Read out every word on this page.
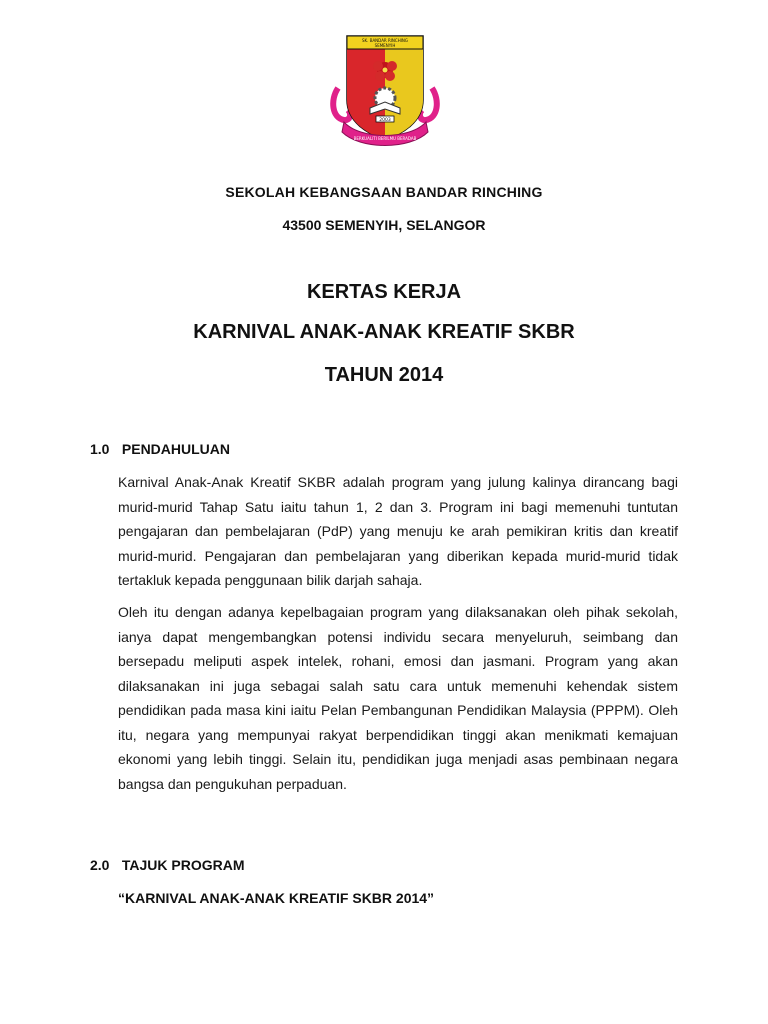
SK. BANDAR RINCHING
SEMENYIH
2003
BERKUALITI BERILMU BERADAB
SEKOLAH KEBANGSAAN BANDAR RINCHING
43500 SEMENYIH, SELANGOR
KERTAS KERJA
KARNIVAL ANAK-ANAK KREATIF SKBR
TAHUN 2014
1.0 PENDAHULUAN
Karnival Anak-Anak Kreatif SKBR adalah program yang julung kalinya dirancang bagi murid-murid Tahap Satu iaitu tahun 1, 2 dan 3. Program ini bagi memenuhi tuntutan pengajaran dan pembelajaran (PdP) yang menuju ke arah pemikiran kritis dan kreatif murid-murid. Pengajaran dan pembelajaran yang diberikan kepada murid-murid tidak tertakluk kepada penggunaan bilik darjah sahaja.
Oleh itu dengan adanya kepelbagaian program yang dilaksanakan oleh pihak sekolah, ianya dapat mengembangkan potensi individu secara menyeluruh, seimbang dan bersepadu meliputi aspek intelek, rohani, emosi dan jasmani. Program yang akan dilaksanakan ini juga sebagai salah satu cara untuk memenuhi kehendak sistem pendidikan pada masa kini iaitu Pelan Pembangunan Pendidikan Malaysia (PPPM). Oleh itu, negara yang mempunyai rakyat berpendidikan tinggi akan menikmati kemajuan ekonomi yang lebih tinggi. Selain itu, pendidikan juga menjadi asas pembinaan negara bangsa dan pengukuhan perpaduan.
2.0 TAJUK PROGRAM
“KARNIVAL ANAK-ANAK KREATIF SKBR 2014”
